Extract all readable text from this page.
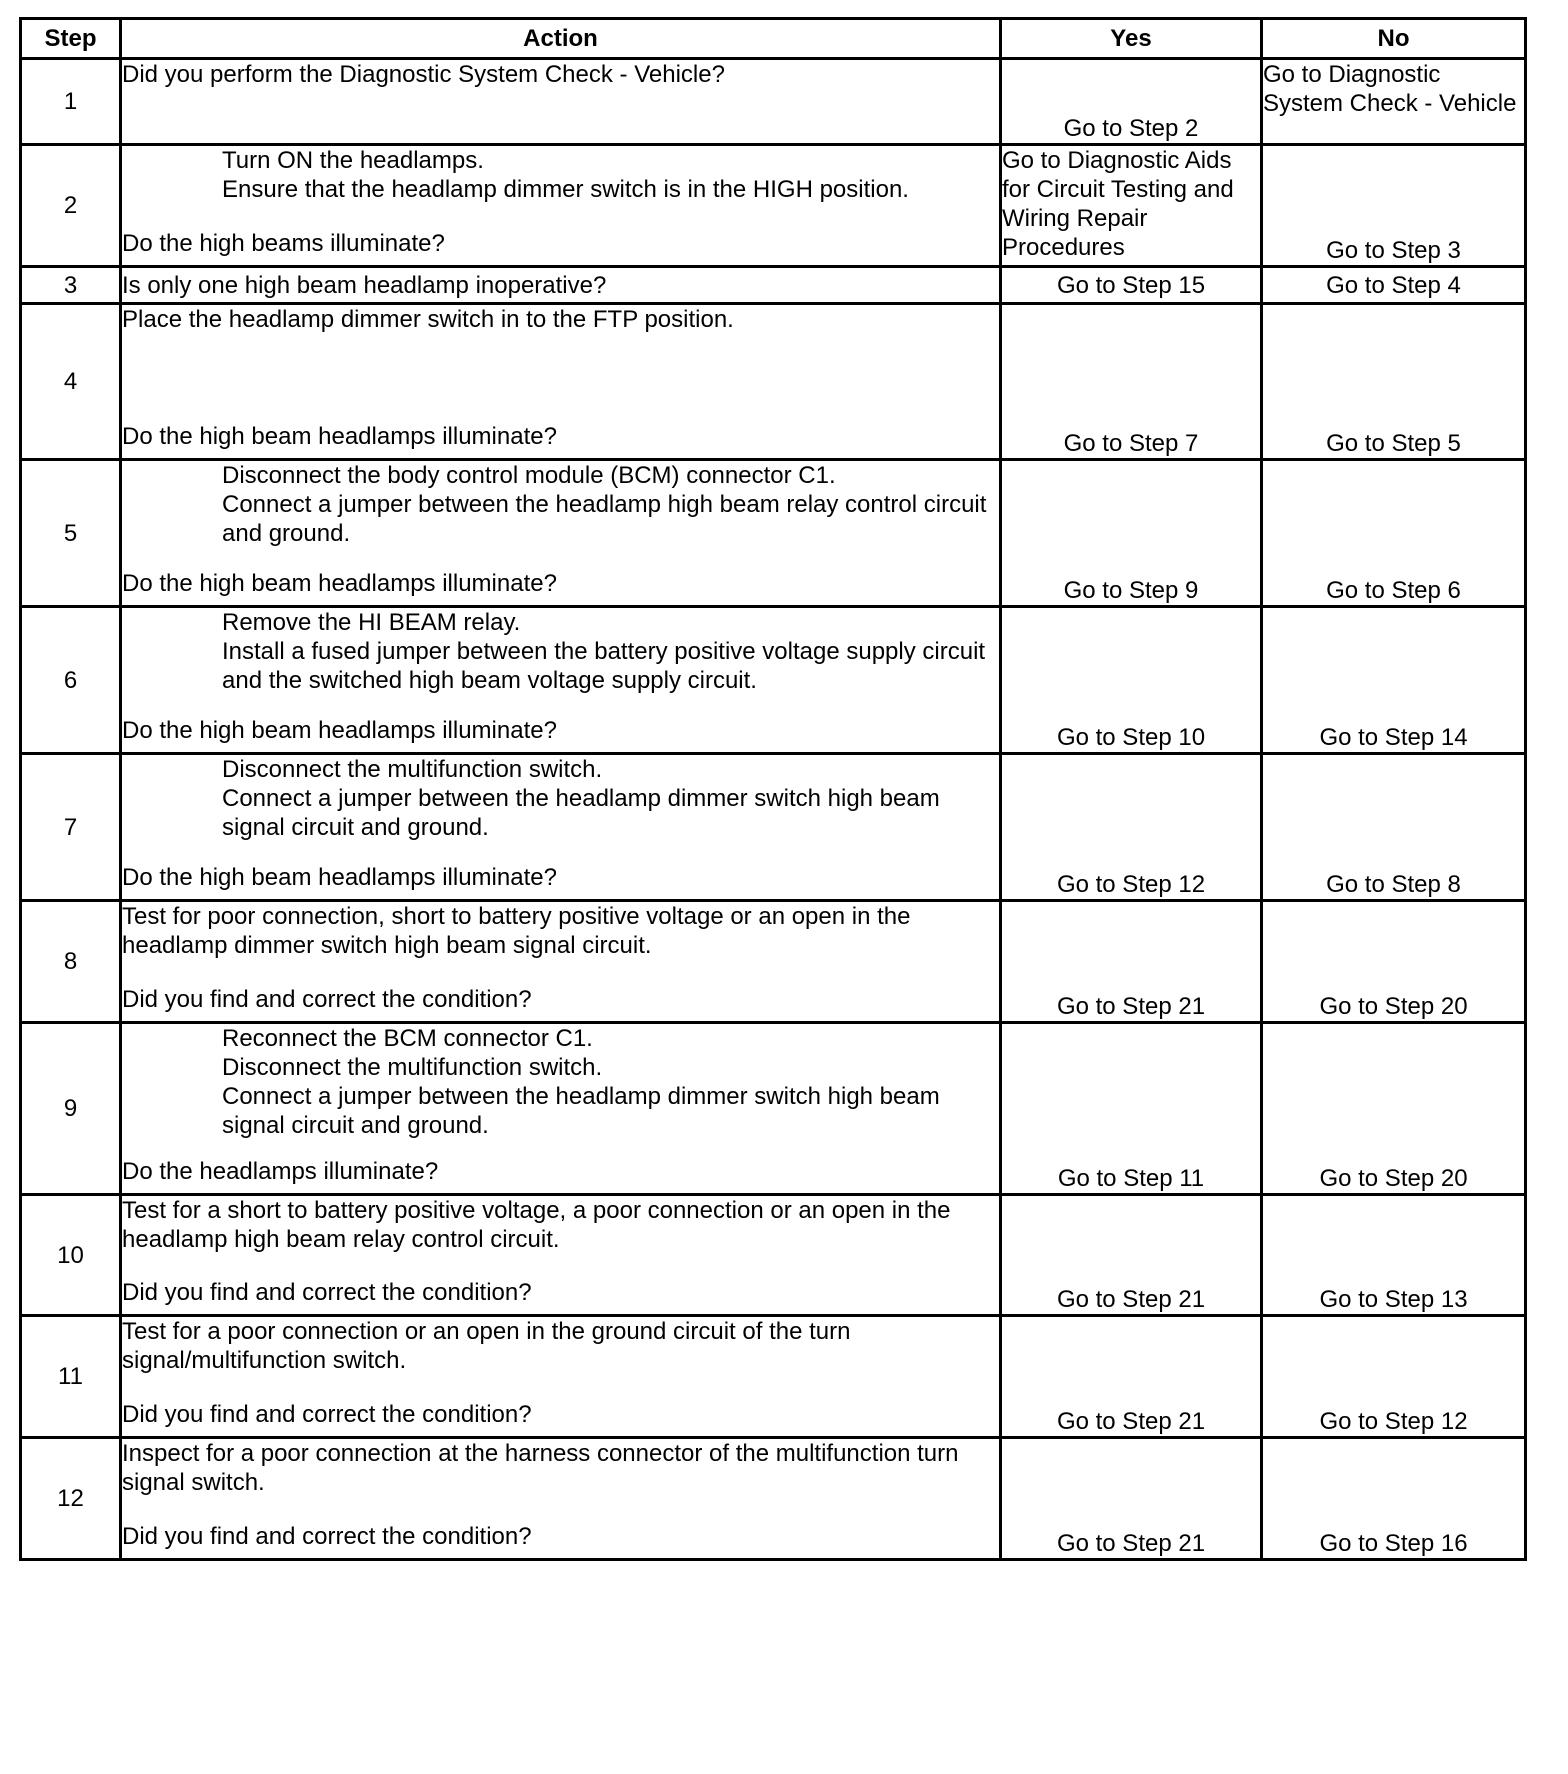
Step	Action	Yes	No
1	Did you perform the Diagnostic System Check - Vehicle?	Go to Step 2	Go to Diagnostic System Check - Vehicle
2	Turn ON the headlamps.
Ensure that the headlamp dimmer switch is in the HIGH position.
Do the high beams illuminate?	Go to Diagnostic Aids for Circuit Testing and Wiring Repair Procedures	Go to Step 3
3	Is only one high beam headlamp inoperative?	Go to Step 15	Go to Step 4
4	Place the headlamp dimmer switch in to the FTP position.
Do the high beam headlamps illuminate?	Go to Step 7	Go to Step 5
5	Disconnect the body control module (BCM) connector C1.
Connect a jumper between the headlamp high beam relay control circuit and ground.
Do the high beam headlamps illuminate?	Go to Step 9	Go to Step 6
6	Remove the HI BEAM relay.
Install a fused jumper between the battery positive voltage supply circuit and the switched high beam voltage supply circuit.
Do the high beam headlamps illuminate?	Go to Step 10	Go to Step 14
7	Disconnect the multifunction switch.
Connect a jumper between the headlamp dimmer switch high beam signal circuit and ground.
Do the high beam headlamps illuminate?	Go to Step 12	Go to Step 8
8	Test for poor connection, short to battery positive voltage or an open in the headlamp dimmer switch high beam signal circuit.
Did you find and correct the condition?	Go to Step 21	Go to Step 20
9	Reconnect the BCM connector C1.
Disconnect the multifunction switch.
Connect a jumper between the headlamp dimmer switch high beam signal circuit and ground.
Do the headlamps illuminate?	Go to Step 11	Go to Step 20
10	Test for a short to battery positive voltage, a poor connection or an open in the headlamp high beam relay control circuit.
Did you find and correct the condition?	Go to Step 21	Go to Step 13
11	Test for a poor connection or an open in the ground circuit of the turn signal/multifunction switch.
Did you find and correct the condition?	Go to Step 21	Go to Step 12
12	Inspect for a poor connection at the harness connector of the multifunction turn signal switch.
Did you find and correct the condition?	Go to Step 21	Go to Step 16
